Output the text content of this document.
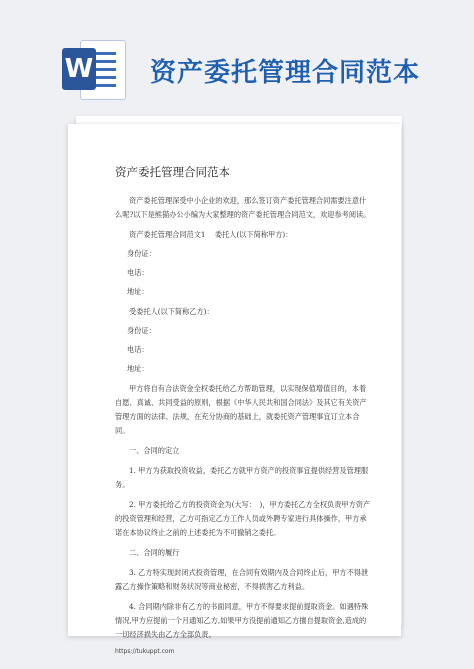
W 资产委托管理合同范本
资产委托管理合同范本

资产委托管理深受中小企业的欢迎，那么签订资产委托管理合同需要注意什么呢?以下是熊猫办公小编为大家整理的资产委托管理合同范文，欢迎参考阅读。

资产委托管理合同范文1　 委托人(以下简称甲方)：

身份证：

电话：

地址：

受委托人(以下简称乙方)：

身份证：

电话：

地址：

甲方将自有合法资金全权委托给乙方帮助管理，以实现保值增值目的，本着自愿、真诚、共同受益的原则，根据《中华人民共和国合同法》及其它有关资产管理方面的法律、法规，在充分协商的基础上，就委托资产管理事宜订立本合同。

一、合同的定立

1. 甲方为获取投资收益，委托乙方就甲方资产的投资事宜提供经营及管理服务。

2. 甲方委托给乙方的投资资金为(大写：　)，甲方委托乙方全权负责甲方资产的投资管理和经营，乙方可指定乙方工作人员或外聘专家进行具体操作，甲方承诺在本协议终止之前的上述委托为不可撤销之委托。

二、合同的履行

3. 乙方特实现封闭式投资管理，在合同有效期内及合同终止后，甲方不得泄露乙方操作策略和财务状况等商业秘密，不得损害乙方利益。

4. 合同期内除非有乙方的书面同意，甲方不得要求提前提取资金。如遇特殊情况,甲方应提前一个月通知乙方,如果甲方没提前通知乙方擅自提取资金,造成的一切经济损失由乙方全部负责。

https://tukuppt.com
